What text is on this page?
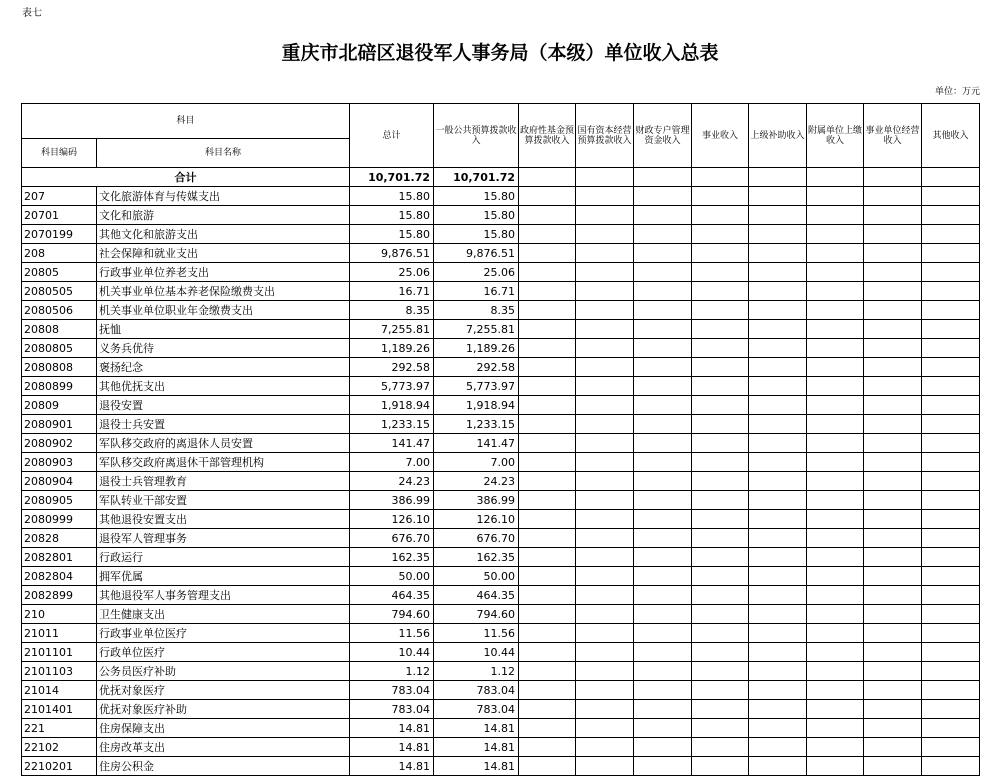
表七
重庆市北碚区退役军人事务局（本级）单位收入总表
单位：万元
科目		总计	一般公共预算拨款收入	政府性基金预算拨款收入	国有资本经营预算拨款收入	财政专户管理资金收入	事业收入	上级补助收入	附属单位上缴收入	事业单位经营收入	其他收入
科目编码	科目名称										
合计		10,701.72	10,701.72								
207	文化旅游体育与传媒支出	15.80	15.80								
20701	文化和旅游	15.80	15.80								
2070199	其他文化和旅游支出	15.80	15.80								
208	社会保障和就业支出	9,876.51	9,876.51								
20805	行政事业单位养老支出	25.06	25.06								
2080505	机关事业单位基本养老保险缴费支出	16.71	16.71								
2080506	机关事业单位职业年金缴费支出	8.35	8.35								
20808	抚恤	7,255.81	7,255.81								
2080805	义务兵优待	1,189.26	1,189.26								
2080808	褒扬纪念	292.58	292.58								
2080899	其他优抚支出	5,773.97	5,773.97								
20809	退役安置	1,918.94	1,918.94								
2080901	退役士兵安置	1,233.15	1,233.15								
2080902	军队移交政府的离退休人员安置	141.47	141.47								
2080903	军队移交政府离退休干部管理机构	7.00	7.00								
2080904	退役士兵管理教育	24.23	24.23								
2080905	军队转业干部安置	386.99	386.99								
2080999	其他退役安置支出	126.10	126.10								
20828	退役军人管理事务	676.70	676.70								
2082801	行政运行	162.35	162.35								
2082804	拥军优属	50.00	50.00								
2082899	其他退役军人事务管理支出	464.35	464.35								
210	卫生健康支出	794.60	794.60								
21011	行政事业单位医疗	11.56	11.56								
2101101	行政单位医疗	10.44	10.44								
2101103	公务员医疗补助	1.12	1.12								
21014	优抚对象医疗	783.04	783.04								
2101401	优抚对象医疗补助	783.04	783.04								
221	住房保障支出	14.81	14.81								
22102	住房改革支出	14.81	14.81								
2210201	住房公积金	14.81	14.81								
